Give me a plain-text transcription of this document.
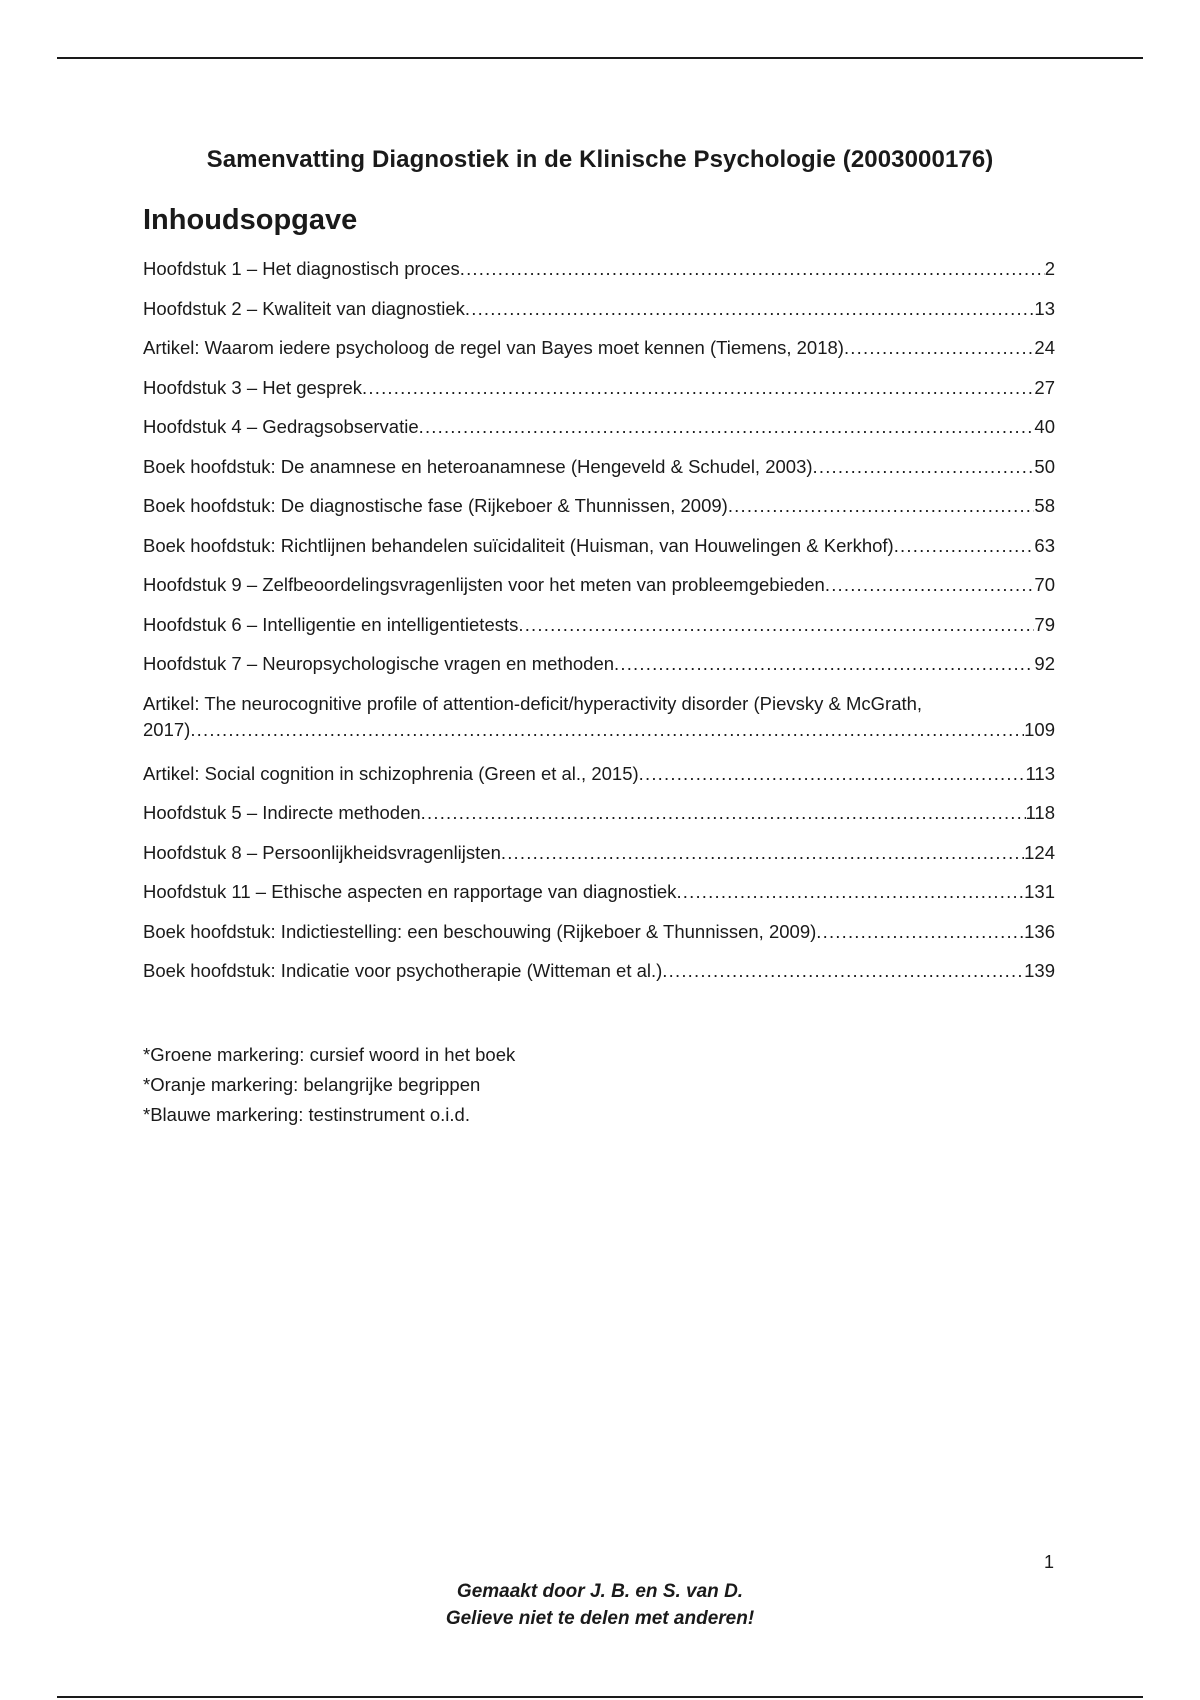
Samenvatting Diagnostiek in de Klinische Psychologie (2003000176)
Inhoudsopgave
Hoofdstuk 1 – Het diagnostisch proces .....	2
Hoofdstuk 2 – Kwaliteit van diagnostiek .....	13
Artikel: Waarom iedere psycholoog de regel van Bayes moet kennen (Tiemens, 2018) .....	24
Hoofdstuk 3 – Het gesprek .....	27
Hoofdstuk 4 – Gedragsobservatie .....	40
Boek hoofdstuk: De anamnese en heteroanamnese (Hengeveld & Schudel, 2003) .....	50
Boek hoofdstuk: De diagnostische fase (Rijkeboer & Thunnissen, 2009) .....	58
Boek hoofdstuk: Richtlijnen behandelen suïcidaliteit (Huisman, van Houwelingen & Kerkhof) .....	63
Hoofdstuk 9 – Zelfbeoordelingsvragenlijsten voor het meten van probleemgebieden .....	70
Hoofdstuk 6 – Intelligentie en intelligentietests .....	79
Hoofdstuk 7 – Neuropsychologische vragen en methoden .....	92
Artikel: The neurocognitive profile of attention-deficit/hyperactivity disorder (Pievsky & McGrath,
2017) .....	109
Artikel: Social cognition in schizophrenia (Green et al., 2015) .....	113
Hoofdstuk 5 – Indirecte methoden .....	118
Hoofdstuk 8 – Persoonlijkheidsvragenlijsten .....	124
Hoofdstuk 11 – Ethische aspecten en rapportage van diagnostiek .....	131
Boek hoofdstuk: Indictiestelling: een beschouwing (Rijkeboer & Thunnissen, 2009) .....	136
Boek hoofdstuk: Indicatie voor psychotherapie (Witteman et al.) .....	139
*Groene markering: cursief woord in het boek
*Oranje markering: belangrijke begrippen
*Blauwe markering: testinstrument o.i.d.
1
Gemaakt door J. B. en S. van D.
Gelieve niet te delen met anderen!
